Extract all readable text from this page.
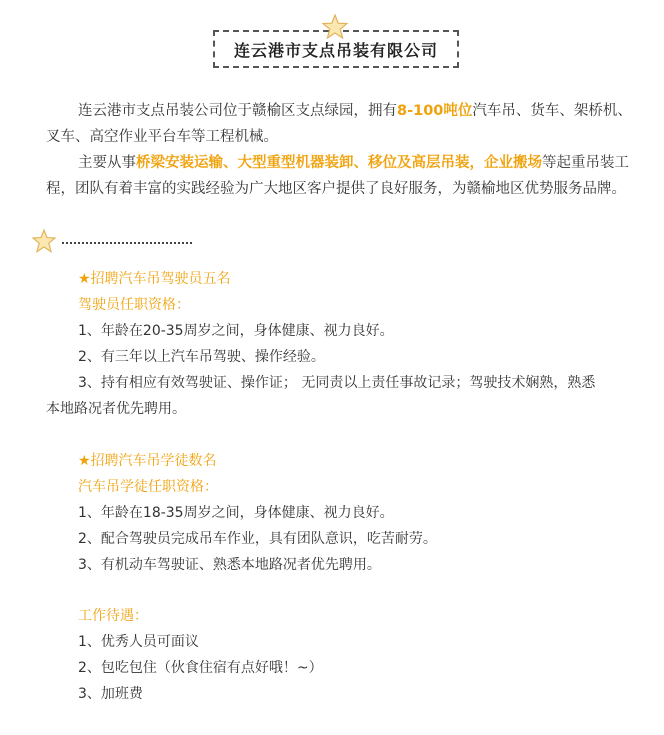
连云港市支点吊装有限公司

连云港市支点吊装公司位于赣榆区支点绿园，拥有8-100吨位汽车吊、货车、架桥机、叉车、高空作业平台车等工程机械。

主要从事桥梁安装运输、大型重型机器装卸、移位及高层吊装，企业搬场等起重吊装工程，团队有着丰富的实践经验为广大地区客户提供了良好服务，为赣榆地区优势服务品牌。

★招聘汽车吊驾驶员五名

驾驶员任职资格：

1、年龄在20-35周岁之间，身体健康、视力良好。

2、有三年以上汽车吊驾驶、操作经验。

3、持有相应有效驾驶证、操作证； 无同责以上责任事故记录；驾驶技术娴熟，熟悉本地路况者优先聘用。

★招聘汽车吊学徒数名

汽车吊学徒任职资格：

1、年龄在18-35周岁之间，身体健康、视力良好。

2、配合驾驶员完成吊车作业，具有团队意识，吃苦耐劳。

3、有机动车驾驶证、熟悉本地路况者优先聘用。

工作待遇：

1、优秀人员可面议

2、包吃包住（伙食住宿有点好哦！~）

3、加班费
